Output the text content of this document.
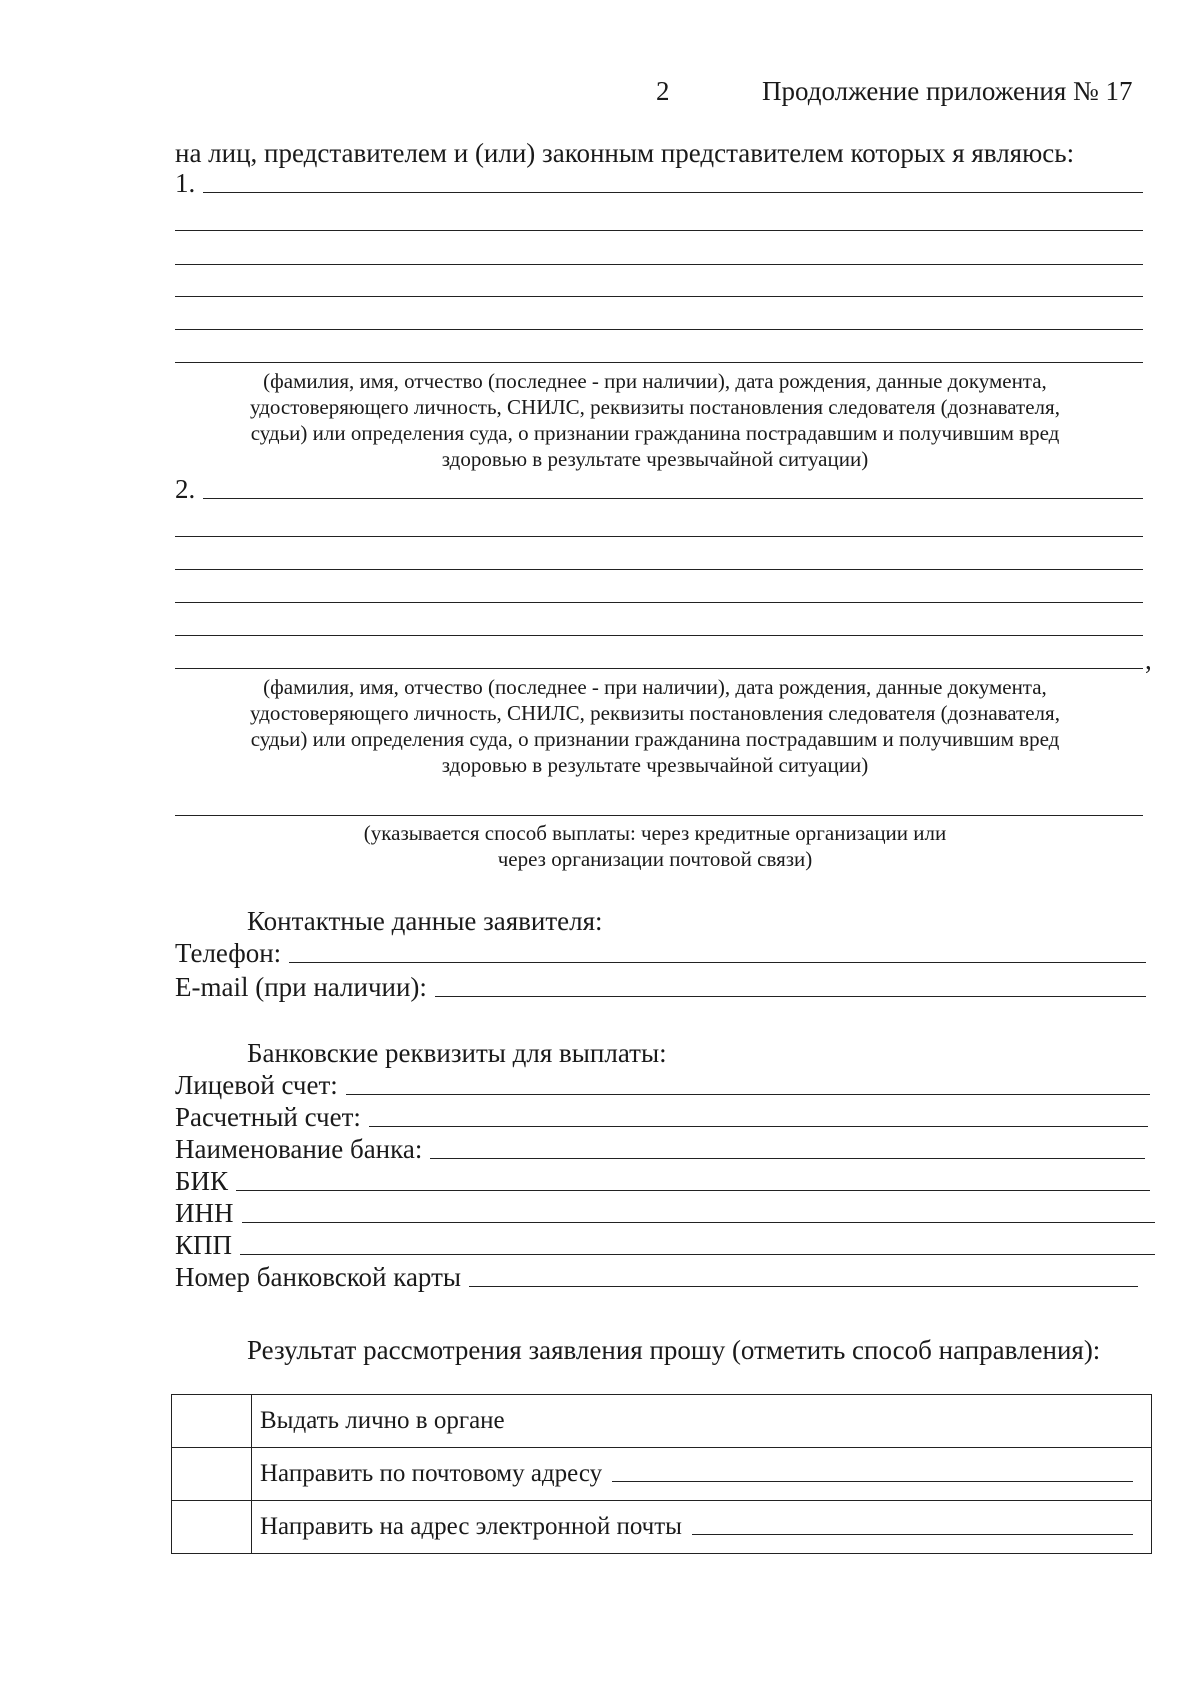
2	Продолжение приложения № 17
на лиц, представителем и (или) законным представителем которых я являюсь:
1.
(фамилия, имя, отчество (последнее - при наличии), дата рождения, данные документа,
удостоверяющего личность, СНИЛС, реквизиты постановления следователя (дознавателя,
судьи) или определения суда, о признании гражданина пострадавшим и получившим вред
здоровью в результате чрезвычайной ситуации)
2.
,
(фамилия, имя, отчество (последнее - при наличии), дата рождения, данные документа,
удостоверяющего личность, СНИЛС, реквизиты постановления следователя (дознавателя,
судьи) или определения суда, о признании гражданина пострадавшим и получившим вред
здоровью в результате чрезвычайной ситуации)
(указывается способ выплаты: через кредитные организации или
через организации почтовой связи)
Контактные данные заявителя:
Телефон:
E-mail (при наличии):
Банковские реквизиты для выплаты:
Лицевой счет:
Расчетный счет:
Наименование банка:
БИК
ИНН
КПП
Номер банковской карты
Результат рассмотрения заявления прошу (отметить способ направления):

	Выдать лично в органе

	Направить по почтовому адресу

	Направить на адрес электронной почты
